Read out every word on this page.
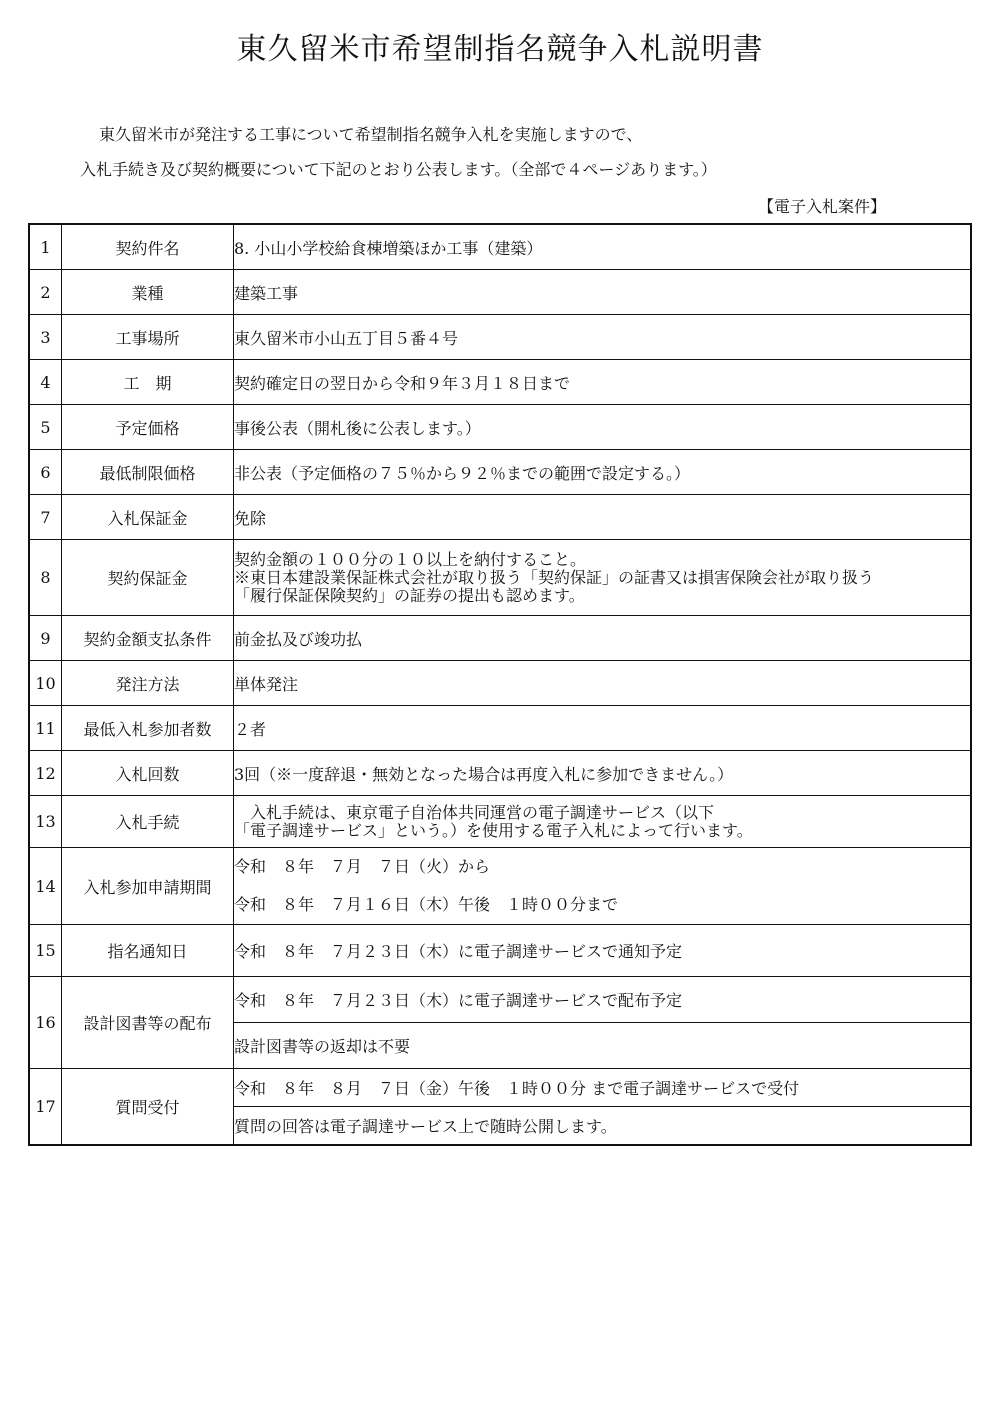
東久留米市希望制指名競争入札説明書
東久留米市が発注する工事について希望制指名競争入札を実施しますので、
入札手続き及び契約概要について下記のとおり公表します。（全部で４ページあります。）
【電子入札案件】
1	契約件名	8. 小山小学校給食棟増築ほか工事（建築）
2	業種	建築工事
3	工事場所	東久留米市小山五丁目５番４号
4	工　期	契約確定日の翌日から令和９年３月１８日まで
5	予定価格	事後公表（開札後に公表します。）
6	最低制限価格	非公表（予定価格の７５％から９２％までの範囲で設定する。）
7	入札保証金	免除
8	契約保証金	契約金額の１００分の１０以上を納付すること。
※東日本建設業保証株式会社が取り扱う「契約保証」の証書又は損害保険会社が取り扱う
「履行保証保険契約」の証券の提出も認めます。

9	契約金額支払条件	前金払及び竣功払
10	発注方法	単体発注
11	最低入札参加者数	２者
12	入札回数	3回（※一度辞退・無効となった場合は再度入札に参加できません。）
13	入札手続	　入札手続は、東京電子自治体共同運営の電子調達サービス（以下
「電子調達サービス」という。）を使用する電子入札によって行います。

14	入札参加申請期間	令和　８年　７月　７日（火）から
令和　８年　７月１６日（木）午後　１時００分まで

15	指名通知日	令和　８年　７月２３日（木）に電子調達サービスで通知予定
16	設計図書等の配布	令和　８年　７月２３日（木）に電子調達サービスで配布予定
		設計図書等の返却は不要
17	質問受付	令和　８年　８月　７日（金）午後　１時００分 まで電子調達サービスで受付
		質問の回答は電子調達サービス上で随時公開します。
